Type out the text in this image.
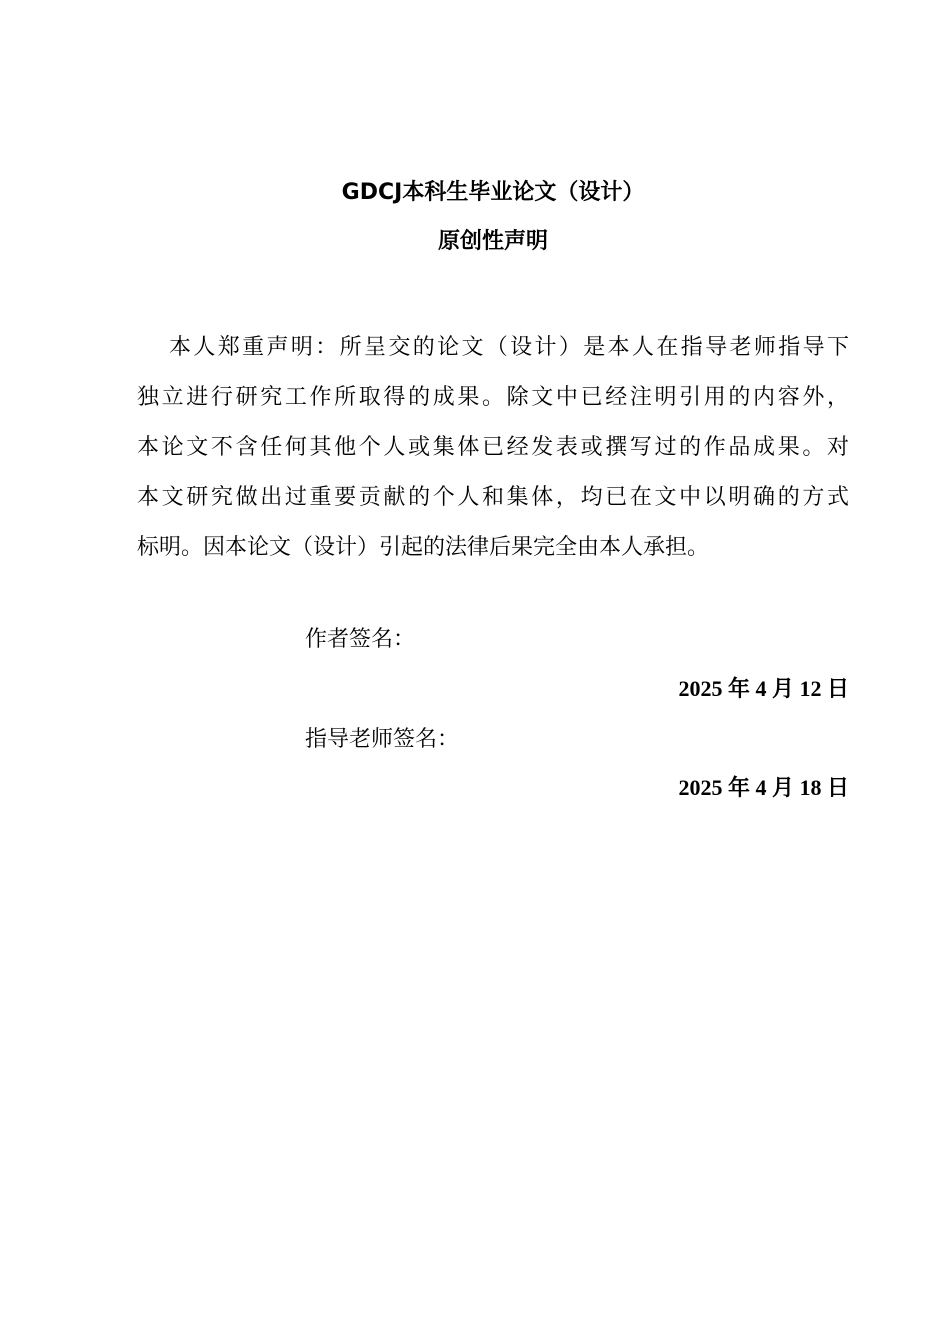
GDCJ本科生毕业论文（设计）
原创性声明
本人郑重声明：所呈交的论文（设计）是本人在指导老师指导下
独立进行研究工作所取得的成果。除文中已经注明引用的内容外，
本论文不含任何其他个人或集体已经发表或撰写过的作品成果。对
本文研究做出过重要贡献的个人和集体，均已在文中以明确的方式
标明。因本论文（设计）引起的法律后果完全由本人承担。

作者签名：

2025 年 4 月 12 日

指导老师签名：

2025 年 4 月 18 日
